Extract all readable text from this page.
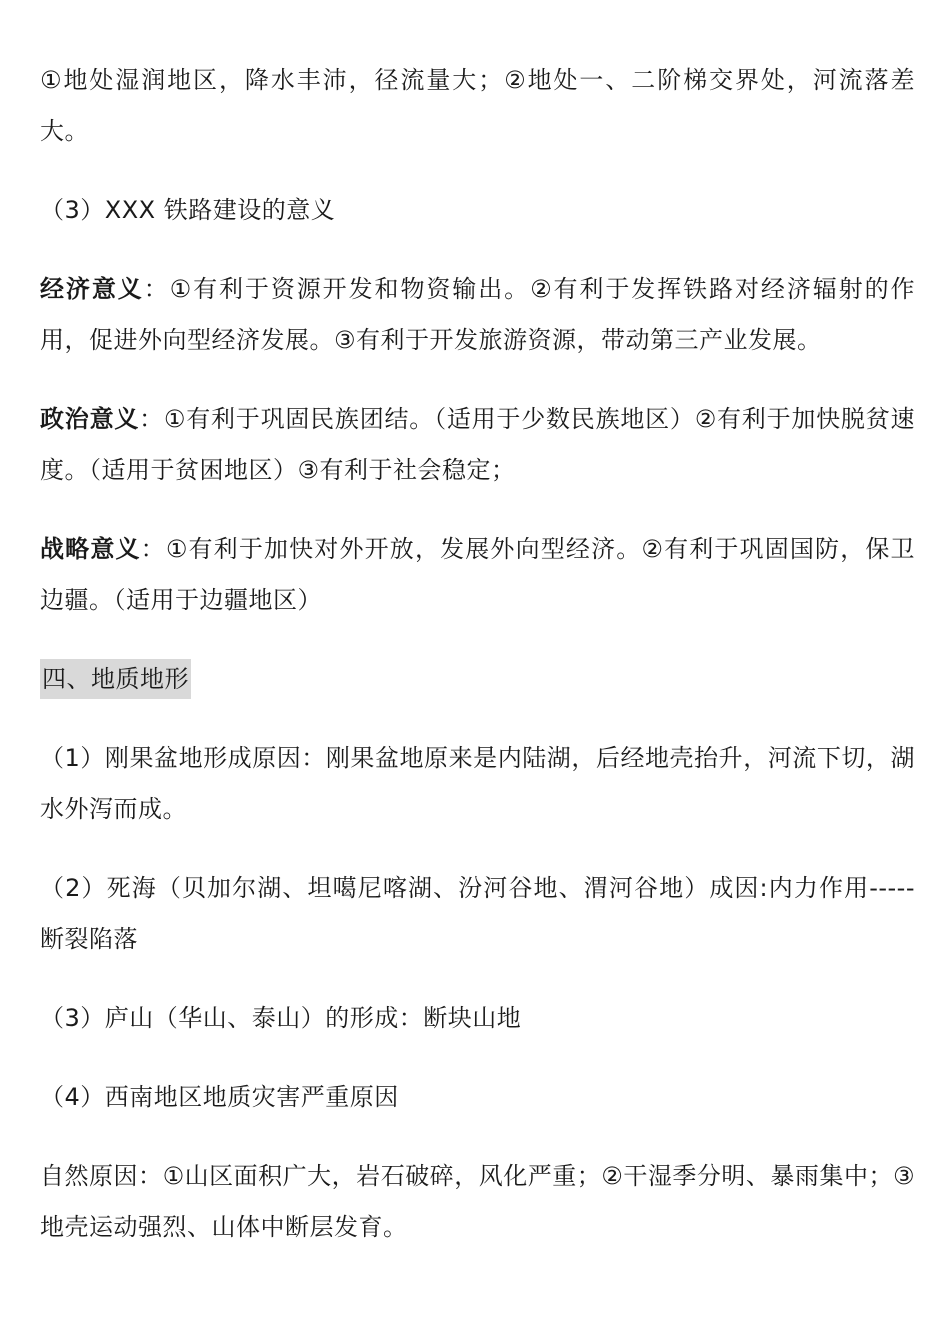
①地处湿润地区，降水丰沛，径流量大；②地处一、二阶梯交界处，河流落差大。

（3）XXX 铁路建设的意义

经济意义：①有利于资源开发和物资输出。②有利于发挥铁路对经济辐射的作用，促进外向型经济发展。③有利于开发旅游资源，带动第三产业发展。

政治意义：①有利于巩固民族团结。（适用于少数民族地区）②有利于加快脱贫速度。（适用于贫困地区）③有利于社会稳定；

战略意义：①有利于加快对外开放，发展外向型经济。②有利于巩固国防，保卫边疆。（适用于边疆地区）

四、地质地形

（1）刚果盆地形成原因：刚果盆地原来是内陆湖，后经地壳抬升，河流下切，湖水外泻而成。

（2）死海（贝加尔湖、坦噶尼喀湖、汾河谷地、渭河谷地）成因:内力作用-----断裂陷落

（3）庐山（华山、泰山）的形成：断块山地

（4）西南地区地质灾害严重原因

自然原因：①山区面积广大，岩石破碎，风化严重；②干湿季分明、暴雨集中；③地壳运动强烈、山体中断层发育。
